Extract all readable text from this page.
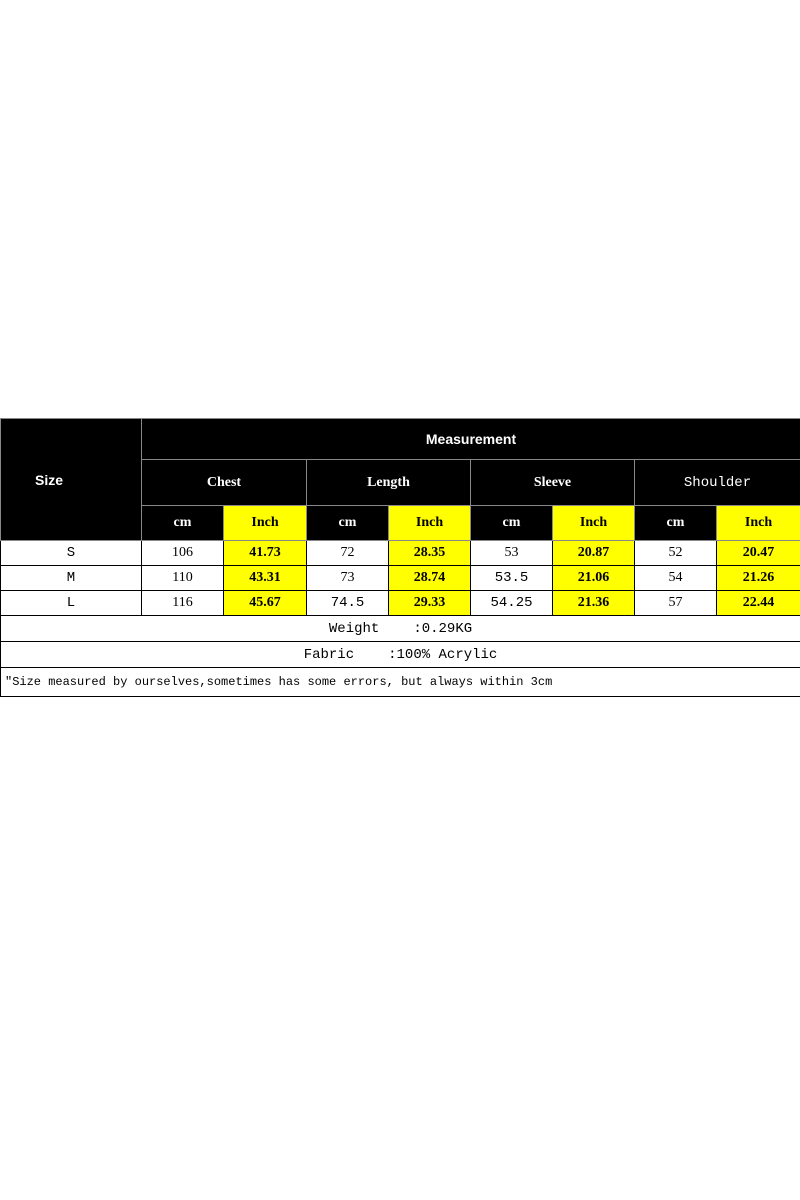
Size	Measurement							
	Chest		Length		Sleeve		Shoulder	
	cm	Inch	cm	Inch	cm	Inch	cm	Inch
S	106	41.73	72	28.35	53	20.87	52	20.47
M	110	43.31	73	28.74	53.5	21.06	54	21.26
L	116	45.67	74.5	29.33	54.25	21.36	57	22.44
Weight :0.29KG								
Fabric :100% Acrylic								
"Size measured by ourselves,sometimes has some errors, but always within 3cm								
